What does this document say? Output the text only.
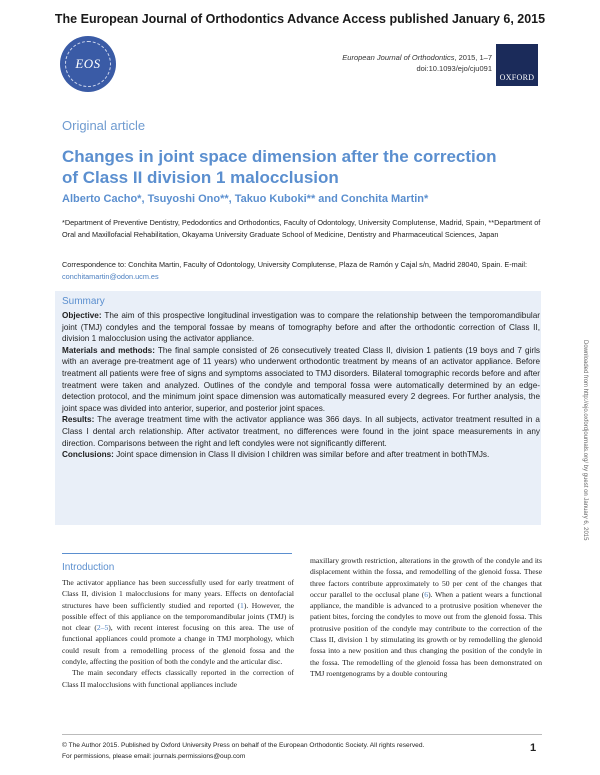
The European Journal of Orthodontics Advance Access published January 6, 2015
EOS	European Journal of Orthodontics, 2015, 1–7
doi:10.1093/ejo/cju091
OXFORD
Original article
Changes in joint space dimension after the correction of Class II division 1 malocclusion
Alberto Cacho*, Tsuyoshi Ono**, Takuo Kuboki** and Conchita Martin*
*Department of Preventive Dentistry, Pedodontics and Orthodontics, Faculty of Odontology, University Complutense, Madrid, Spain, **Department of Oral and Maxillofacial Rehabilitation, Okayama University Graduate School of Medicine, Dentistry and Pharmaceutical Sciences, Japan
Correspondence to: Conchita Martin, Faculty of Odontology, University Complutense, Plaza de Ramón y Cajal s/n, Madrid 28040, Spain. E-mail: conchitamartin@odon.ucm.es
Summary

Objective: The aim of this prospective longitudinal investigation was to compare the relationship between the temporomandibular joint (TMJ) condyles and the temporal fossae by means of tomography before and after the orthodontic correction of Class II, division 1 malocclusion using the activator appliance.

Materials and methods: The final sample consisted of 26 consecutively treated Class II, division 1 patients (19 boys and 7 girls with an average pre-treatment age of 11 years) who underwent orthodontic treatment by means of an activator appliance. Before treatment all patients were free of signs and symptoms associated to TMJ disorders. Bilateral tomographic records before and after treatment were taken and analyzed. Outlines of the condyle and temporal fossa were automatically determined by an edge-detection protocol, and the minimum joint space dimension was automatically measured every 2 degrees. For further analysis, the joint space was divided into anterior, superior, and posterior joint spaces.

Results: The average treatment time with the activator appliance was 366 days. In all subjects, activator treatment resulted in a Class I dental arch relationship. After activator treatment, no differences were found in the joint space measurements in any direction. Comparisons between the right and left condyles were not significantly different.

Conclusions: Joint space dimension in Class II division I children was similar before and after treatment in bothTMJs.	Downloaded from http://ejo.oxfordjournals.org/ by guest on January 6, 2015
Introduction

The activator appliance has been successfully used for early treatment of Class II, division 1 malocclusions for many years. Effects on dentofacial structures have been sufficiently studied and reported (1). However, the possible effect of this appliance on the temporomandibular joints (TMJ) is not clear (2–5), with recent interest focusing on this area. The use of functional appliances could promote a change in TMJ morphology, which could result from a remodelling process of the glenoid fossa and the condyle, affecting the position of both the condyle and the articular disc.

The main secondary effects classically reported in the correction of Class II malocclusions with functional appliances include

maxillary growth restriction, alterations in the growth of the condyle and its displacement within the fossa, and remodelling of the glenoid fossa. These three factors contribute approximately to 50 per cent of the changes that occur parallel to the occlusal plane (6). When a patient wears a functional appliance, the mandible is advanced to a protrusive position whenever the patient bites, forcing the condyles to move out from the glenoid fossa. This protrusive position of the condyle may contribute to the correction of the Class II, division 1 by stimulating its growth or by remodelling the glenoid fossa into a new position and thus changing the position of the condyle in the fossa. The remodelling of the glenoid fossa has been demonstrated on TMJ roentgenograms by a double contouring

© The Author 2015. Published by Oxford University Press on behalf of the European Orthodontic Society. All rights reserved.
For permissions, please email: journals.permissions@oup.com
1
